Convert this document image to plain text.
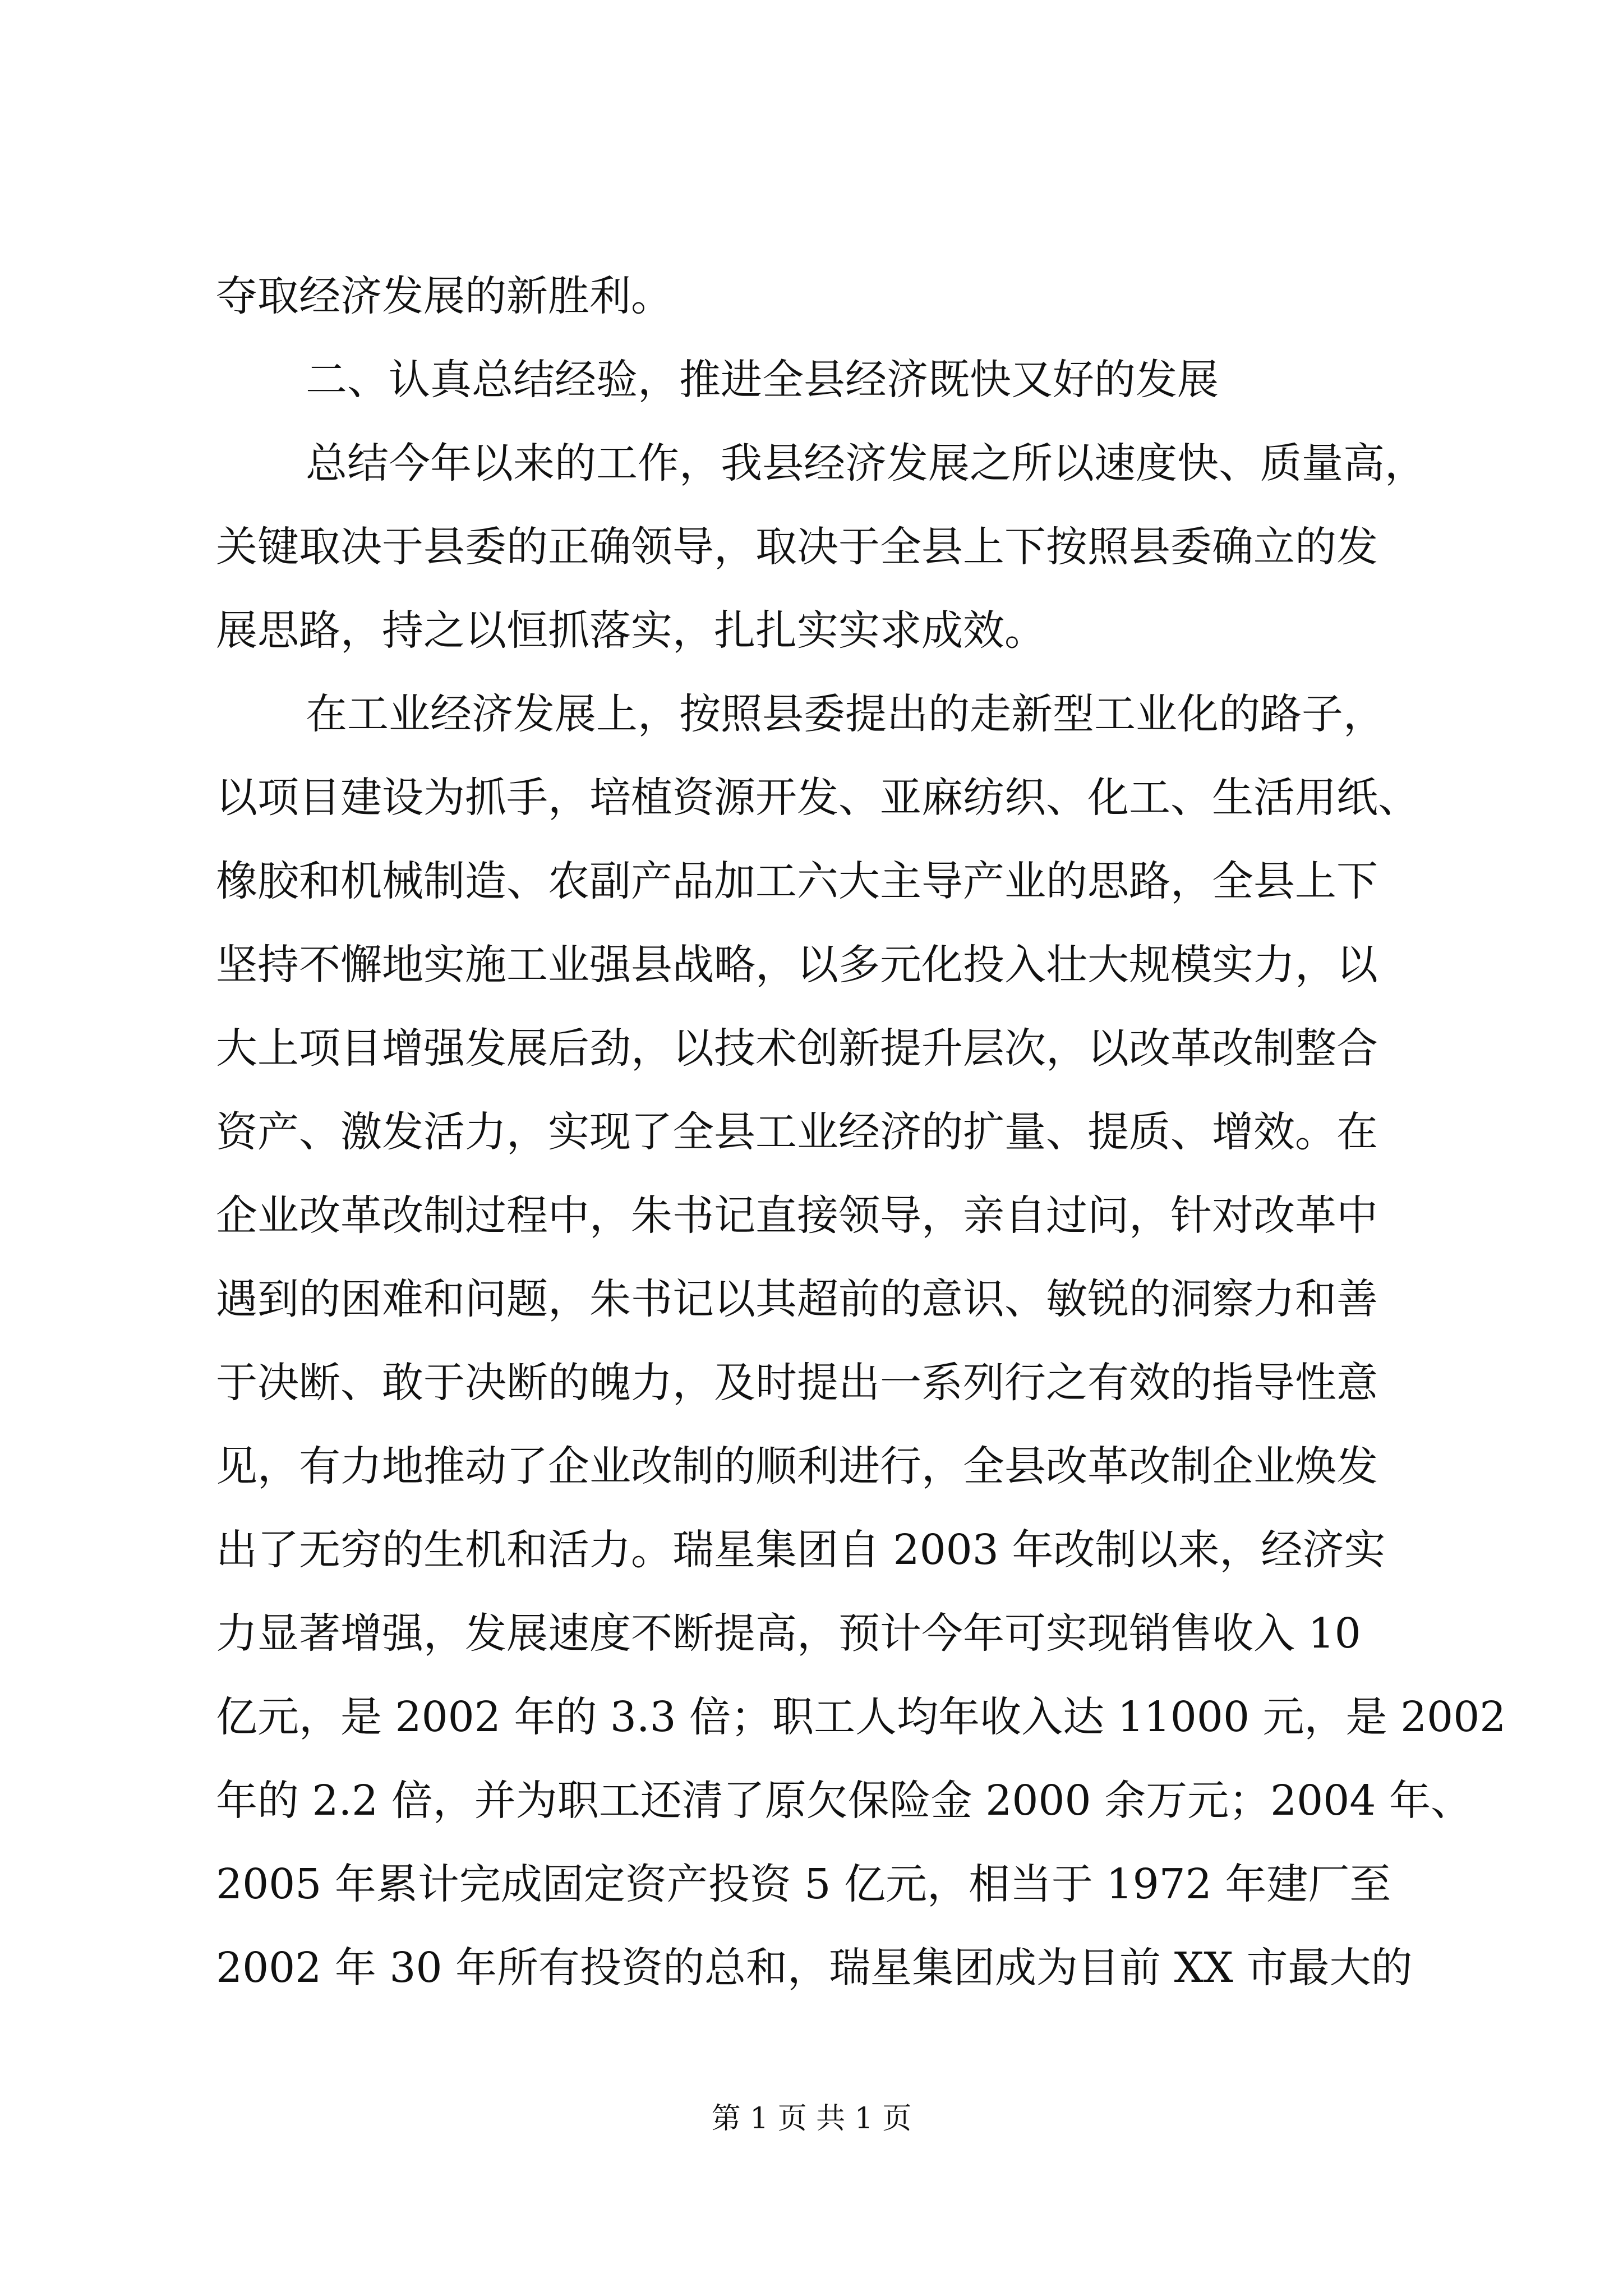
夺取经济发展的新胜利。
二、认真总结经验，推进全县经济既快又好的发展
总结今年以来的工作，我县经济发展之所以速度快、质量高，
关键取决于县委的正确领导，取决于全县上下按照县委确立的发
展思路，持之以恒抓落实，扎扎实实求成效。
在工业经济发展上，按照县委提出的走新型工业化的路子，
以项目建设为抓手，培植资源开发、亚麻纺织、化工、生活用纸、
橡胶和机械制造、农副产品加工六大主导产业的思路，全县上下
坚持不懈地实施工业强县战略，以多元化投入壮大规模实力，以
大上项目增强发展后劲，以技术创新提升层次，以改革改制整合
资产、激发活力，实现了全县工业经济的扩量、提质、增效。在
企业改革改制过程中，朱书记直接领导，亲自过问，针对改革中
遇到的困难和问题，朱书记以其超前的意识、敏锐的洞察力和善
于决断、敢于决断的魄力，及时提出一系列行之有效的指导性意
见，有力地推动了企业改制的顺利进行，全县改革改制企业焕发
出了无穷的生机和活力。瑞星集团自 2003 年改制以来，经济实
力显著增强，发展速度不断提高，预计今年可实现销售收入 10
亿元，是 2002 年的 3.3 倍；职工人均年收入达 11000 元，是 2002
年的 2.2 倍，并为职工还清了原欠保险金 2000 余万元；2004 年、
2005 年累计完成固定资产投资 5 亿元，相当于 1972 年建厂至
2002 年 30 年所有投资的总和，瑞星集团成为目前 XX 市最大的
第 1 页 共 1 页
